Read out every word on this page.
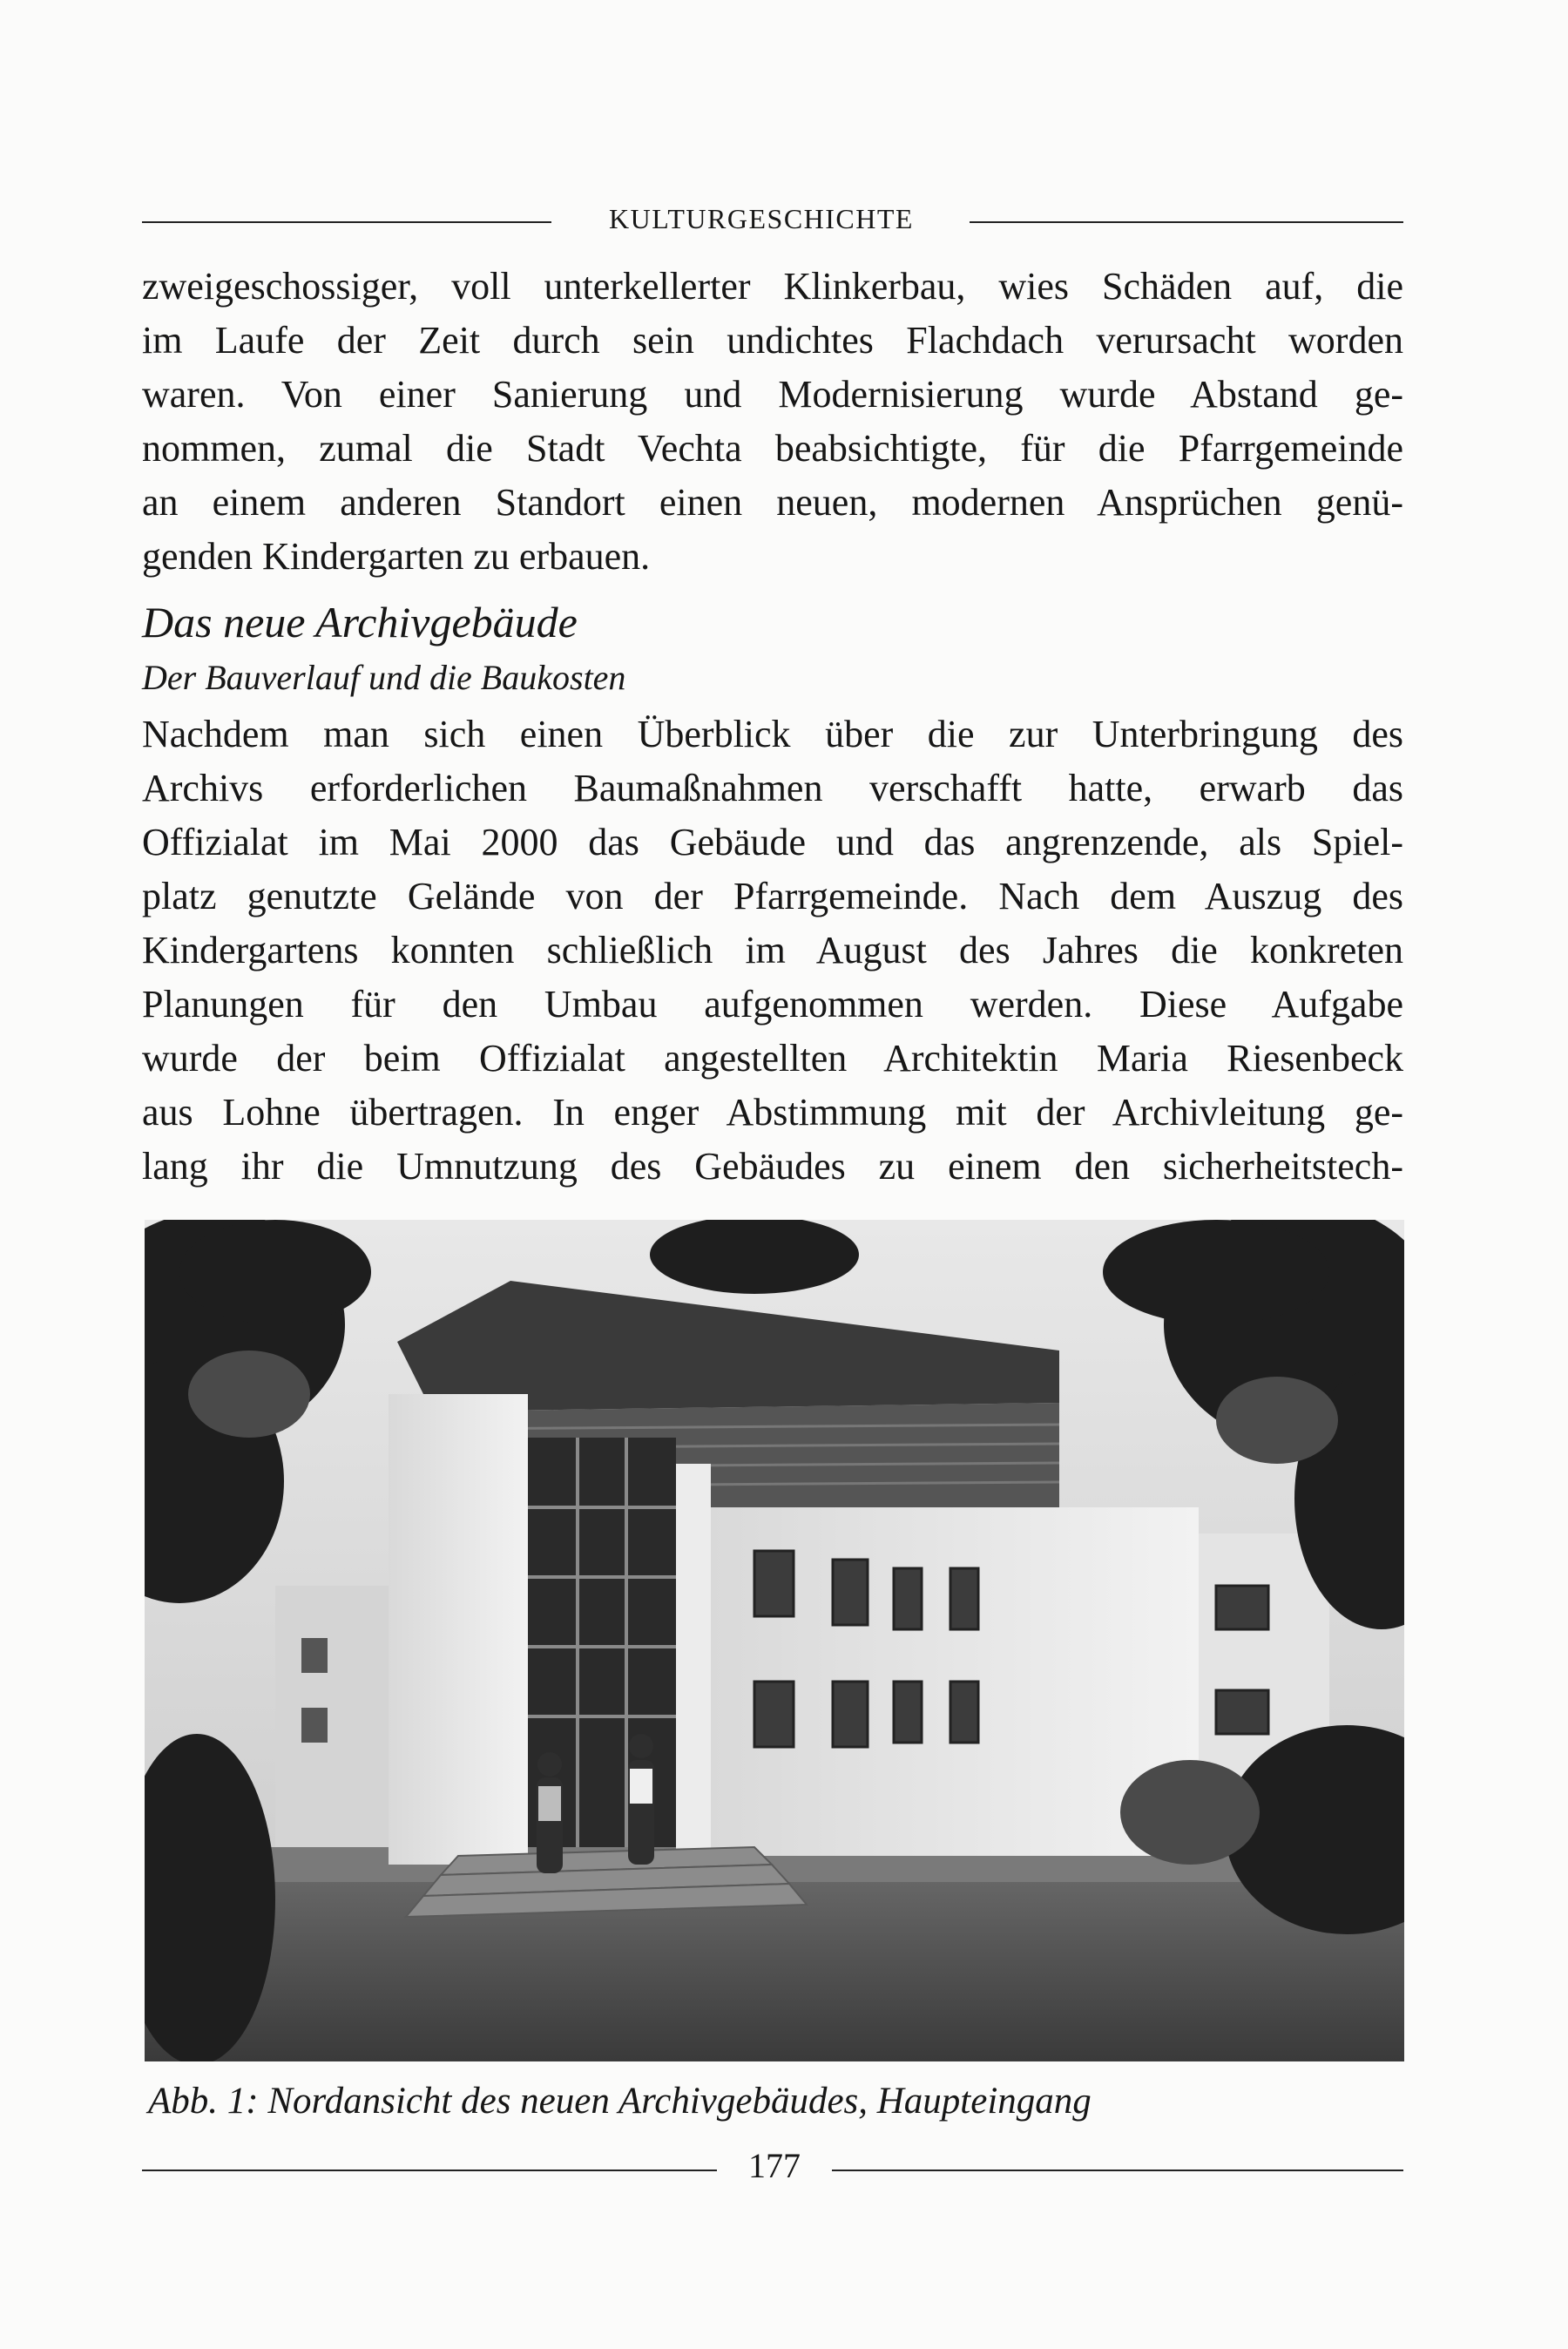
KULTURGESCHICHTE
zweigeschossiger, voll unterkellerter Klinkerbau, wies Schäden auf, die
im Laufe der Zeit durch sein undichtes Flachdach verursacht worden
waren. Von einer Sanierung und Modernisierung wurde Abstand ge-
nommen, zumal die Stadt Vechta beabsichtigte, für die Pfarrgemeinde
an einem anderen Standort einen neuen, modernen Ansprüchen genü-
genden Kindergarten zu erbauen.
Das neue Archivgebäude
Der Bauverlauf und die Baukosten
Nachdem man sich einen Überblick über die zur Unterbringung des
Archivs erforderlichen Baumaßnahmen verschafft hatte, erwarb das
Offizialat im Mai 2000 das Gebäude und das angrenzende, als Spiel-
platz genutzte Gelände von der Pfarrgemeinde. Nach dem Auszug des
Kindergartens konnten schließlich im August des Jahres die konkreten
Planungen für den Umbau aufgenommen werden. Diese Aufgabe
wurde der beim Offizialat angestellten Architektin Maria Riesenbeck
aus Lohne übertragen. In enger Abstimmung mit der Archivleitung ge-
lang ihr die Umnutzung des Gebäudes zu einem den sicherheitstech-
Abb. 1: Nordansicht des neuen Archivgebäudes, Haupteingang
177
